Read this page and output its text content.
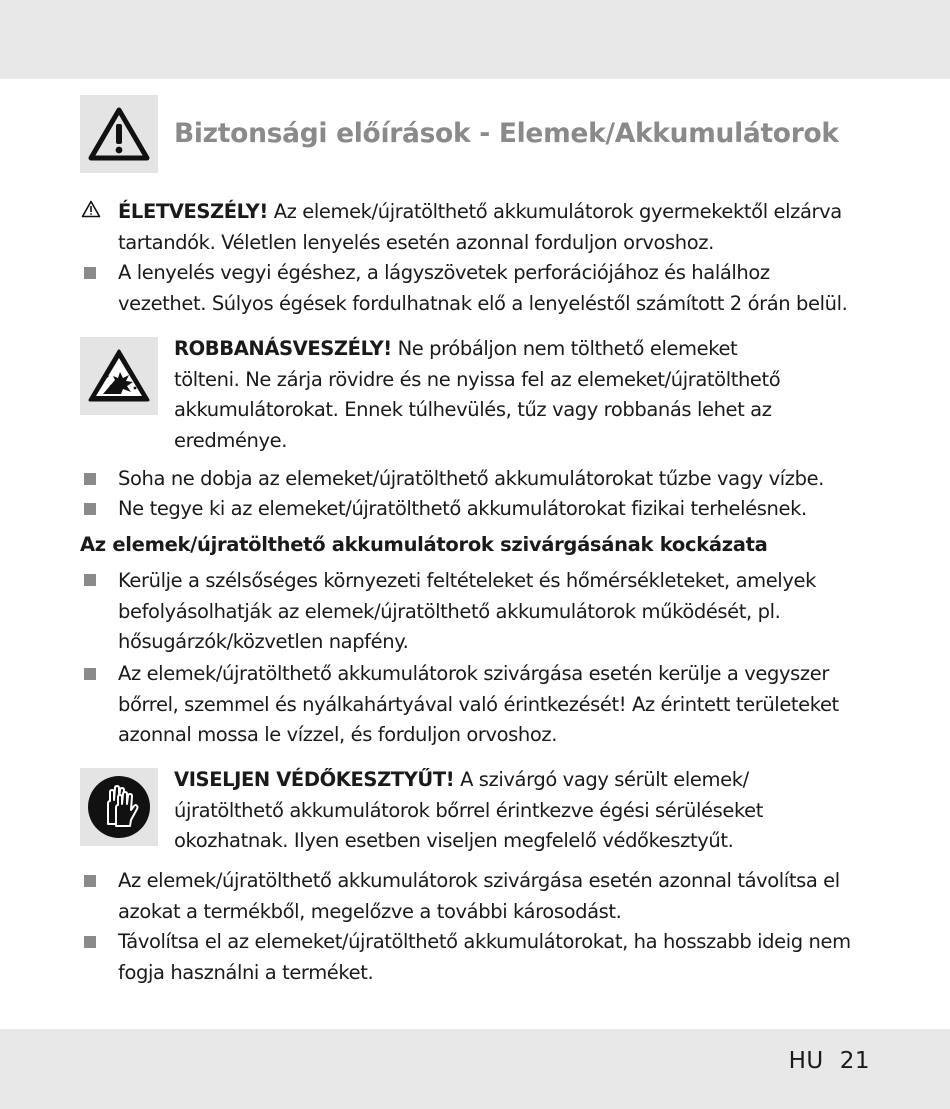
Biztonsági előírások - Elemek/Akkumulátorok
ÉLETVESZÉLY! Az elemek/újratölthető akkumulátorok gyermekektől elzárva
tartandók. Véletlen lenyelés esetén azonnal forduljon orvoshoz.
A lenyelés vegyi égéshez, a lágyszövetek perforációjához és halálhoz
vezethet. Súlyos égések fordulhatnak elő a lenyeléstől számított 2 órán belül.
ROBBANÁSVESZÉLY! Ne próbáljon nem tölthető elemeket
tölteni. Ne zárja rövidre és ne nyissa fel az elemeket/újratölthető
akkumulátorokat. Ennek túlhevülés, tűz vagy robbanás lehet az
eredménye.
Soha ne dobja az elemeket/újratölthető akkumulátorokat tűzbe vagy vízbe.
Ne tegye ki az elemeket/újratölthető akkumulátorokat fizikai terhelésnek.
Az elemek/újratölthető akkumulátorok szivárgásának kockázata
Kerülje a szélsőséges környezeti feltételeket és hőmérsékleteket, amelyek
befolyásolhatják az elemek/újratölthető akkumulátorok működését, pl.
hősugárzók/közvetlen napfény.
Az elemek/újratölthető akkumulátorok szivárgása esetén kerülje a vegyszer
bőrrel, szemmel és nyálkahártyával való érintkezését! Az érintett területeket
azonnal mossa le vízzel, és forduljon orvoshoz.
VISELJEN VÉDŐKESZTYŰT! A szivárgó vagy sérült elemek/
újratölthető akkumulátorok bőrrel érintkezve égési sérüléseket
okozhatnak. Ilyen esetben viseljen megfelelő védőkesztyűt.
Az elemek/újratölthető akkumulátorok szivárgása esetén azonnal távolítsa el
azokat a termékből, megelőzve a további károsodást.
Távolítsa el az elemeket/újratölthető akkumulátorokat, ha hosszabb ideig nem
fogja használni a terméket.
HU 21
